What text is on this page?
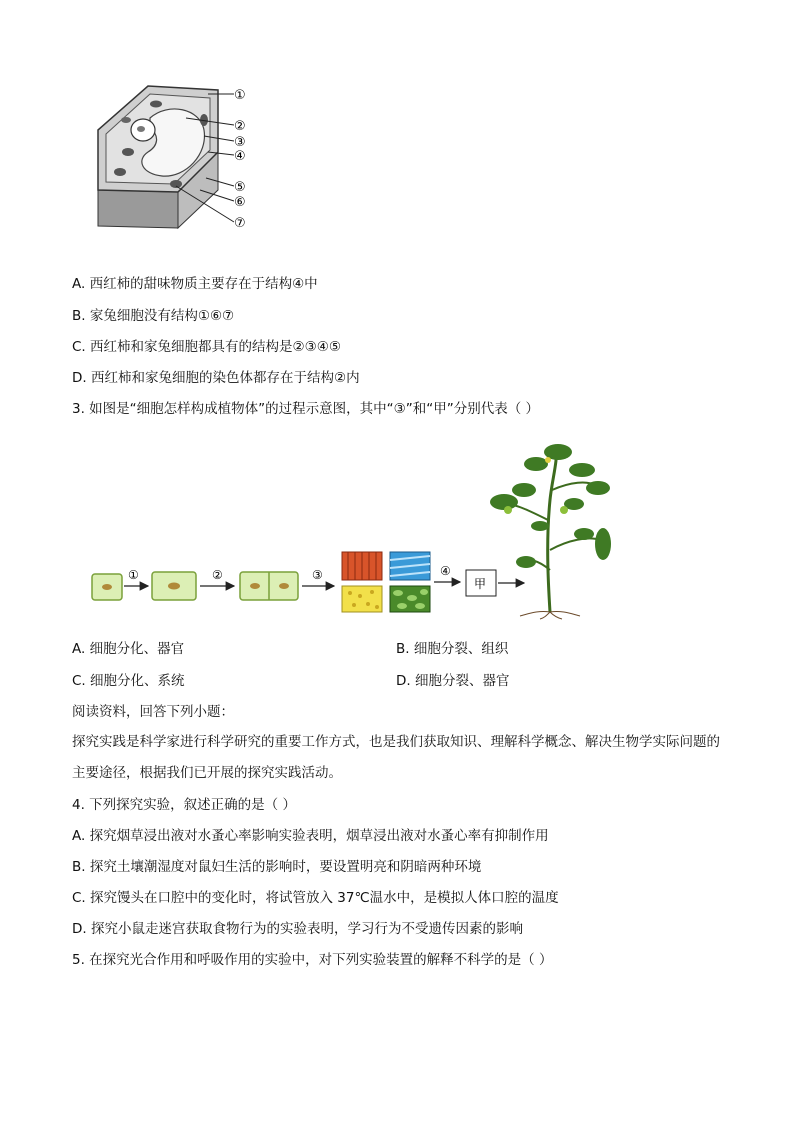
①
②
③
④
⑤
⑥
⑦
A. 西红柿的甜味物质主要存在于结构④中
B. 家兔细胞没有结构①⑥⑦
C. 西红柿和家兔细胞都具有的结构是②③④⑤
D. 西红柿和家兔细胞的染色体都存在于结构②内
3. 如图是“细胞怎样构成植物体”的过程示意图，其中“③”和“甲”分别代表（ ）
①	②	③	④
甲
A. 细胞分化、器官	B. 细胞分裂、组织
C. 细胞分化、系统	D. 细胞分裂、器官
阅读资料，回答下列小题：
探究实践是科学家进行科学研究的重要工作方式，也是我们获取知识、理解科学概念、解决生物学实际问题的主要途径，根据我们已开展的探究实践活动。
4. 下列探究实验，叙述正确的是（ ）
A. 探究烟草浸出液对水蚤心率影响实验表明，烟草浸出液对水蚤心率有抑制作用
B. 探究土壤潮湿度对鼠妇生活的影响时，要设置明亮和阴暗两种环境
C. 探究馒头在口腔中的变化时，将试管放入 37℃温水中，是模拟人体口腔的温度
D. 探究小鼠走迷宫获取食物行为的实验表明，学习行为不受遗传因素的影响
5. 在探究光合作用和呼吸作用的实验中，对下列实验装置的解释不科学的是（ ）
